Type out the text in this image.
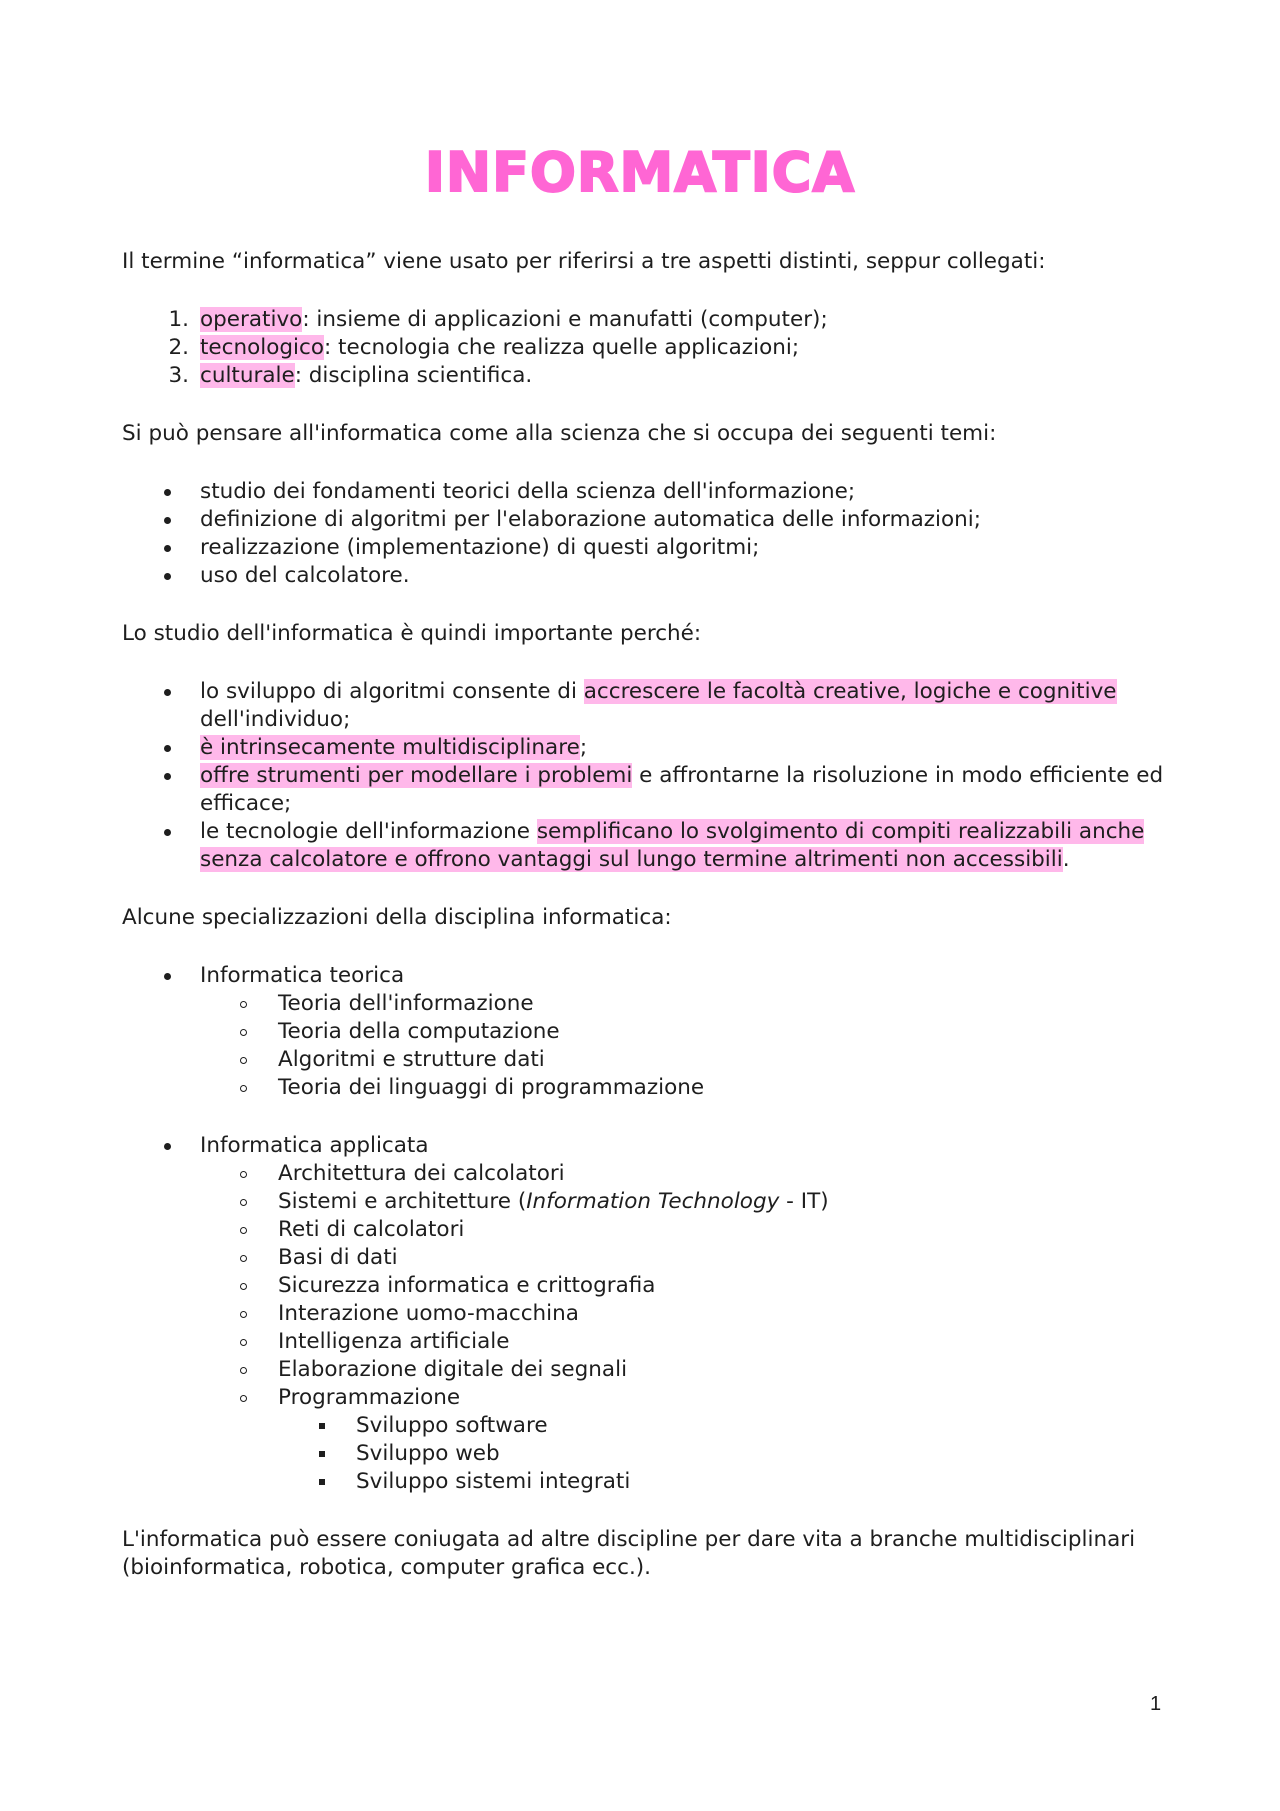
INFORMATICA

Il termine “informatica” viene usato per riferirsi a tre aspetti distinti, seppur collegati:

1. operativo: insieme di applicazioni e manufatti (computer);
2. tecnologico: tecnologia che realizza quelle applicazioni;
3. culturale: disciplina scientifica.

Si può pensare all'informatica come alla scienza che si occupa dei seguenti temi:

studio dei fondamenti teorici della scienza dell'informazione;
definizione di algoritmi per l'elaborazione automatica delle informazioni;
realizzazione (implementazione) di questi algoritmi;
uso del calcolatore.

Lo studio dell'informatica è quindi importante perché:

lo sviluppo di algoritmi consente di accrescere le facoltà creative, logiche e cognitive dell'individuo;
è intrinsecamente multidisciplinare;
offre strumenti per modellare i problemi e affrontarne la risoluzione in modo efficiente ed efficace;
le tecnologie dell'informazione semplificano lo svolgimento di compiti realizzabili anche senza calcolatore e offrono vantaggi sul lungo termine altrimenti non accessibili.

Alcune specializzazioni della disciplina informatica:

Informatica teorica
Teoria dell'informazione
Teoria della computazione
Algoritmi e strutture dati
Teoria dei linguaggi di programmazione
Informatica applicata
Architettura dei calcolatori
Sistemi e architetture (Information Technology - IT)
Reti di calcolatori
Basi di dati
Sicurezza informatica e crittografia
Interazione uomo-macchina
Intelligenza artificiale
Elaborazione digitale dei segnali
Programmazione
Sviluppo software
Sviluppo web
Sviluppo sistemi integrati

L'informatica può essere coniugata ad altre discipline per dare vita a branche multidisciplinari (bioinformatica, robotica, computer grafica ecc.).

1
